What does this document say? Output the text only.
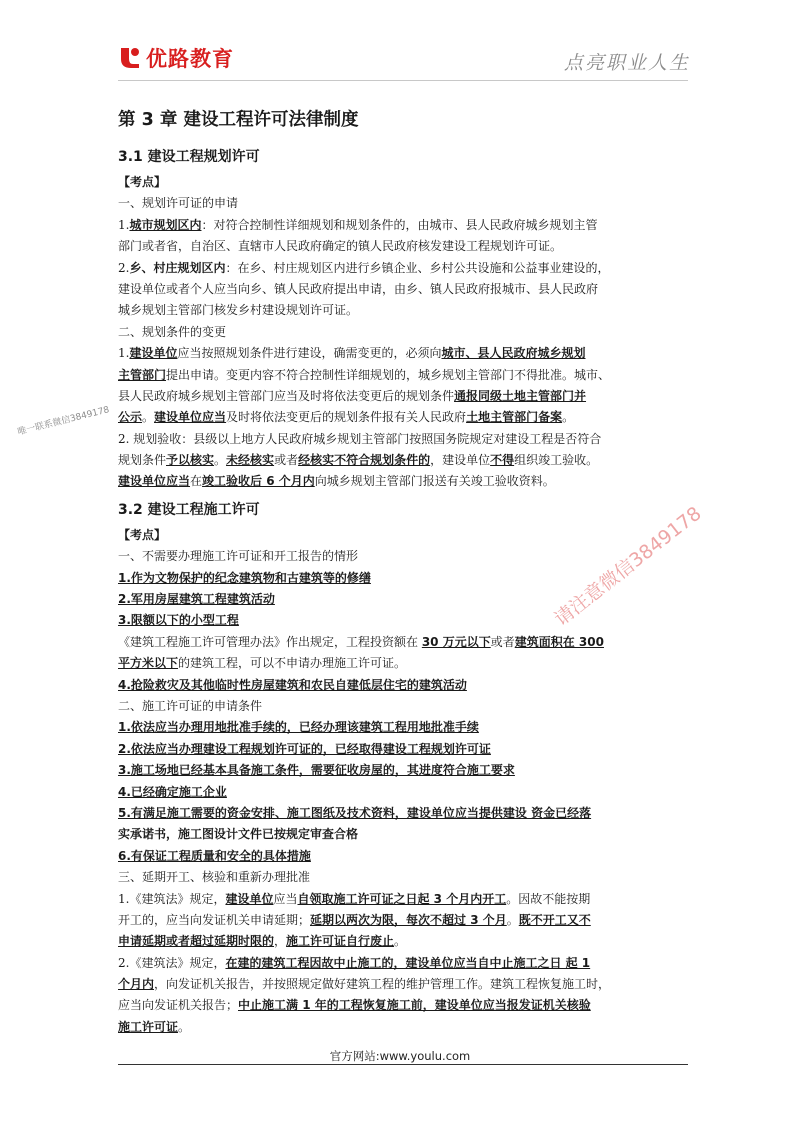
优路教育	点亮职业人生
第 3 章 建设工程许可法律制度
3.1 建设工程规划许可
【考点】
一、规划许可证的申请
1.城市规划区内：对符合控制性详细规划和规划条件的，由城市、县人民政府城乡规划主管
部门或者省，自治区、直辖市人民政府确定的镇人民政府核发建设工程规划许可证。
2.乡、村庄规划区内：在乡、村庄规划区内进行乡镇企业、乡村公共设施和公益事业建设的，
建设单位或者个人应当向乡、镇人民政府提出申请，由乡、镇人民政府报城市、县人民政府
城乡规划主管部门核发乡村建设规划许可证。
二、规划条件的变更
1.建设单位应当按照规划条件进行建设，确需变更的，必须向城市、县人民政府城乡规划
主管部门提出申请。变更内容不符合控制性详细规划的，城乡规划主管部门不得批准。城市、
县人民政府城乡规划主管部门应当及时将依法变更后的规划条件通报同级土地主管部门并
公示。建设单位应当及时将依法变更后的规划条件报有关人民政府土地主管部门备案。
2. 规划验收：县级以上地方人民政府城乡规划主管部门按照国务院规定对建设工程是否符合
规划条件予以核实。未经核实或者经核实不符合规划条件的，建设单位不得组织竣工验收。
建设单位应当在竣工验收后 6 个月内向城乡规划主管部门报送有关竣工验收资料。
3.2 建设工程施工许可
【考点】
一、不需要办理施工许可证和开工报告的情形
1.作为文物保护的纪念建筑物和古建筑等的修缮
2.军用房屋建筑工程建筑活动
3.限额以下的小型工程
《建筑工程施工许可管理办法》作出规定，工程投资额在 30 万元以下或者建筑面积在 300
平方米以下的建筑工程，可以不申请办理施工许可证。
4.抢险救灾及其他临时性房屋建筑和农民自建低层住宅的建筑活动
二、施工许可证的申请条件
1.依法应当办理用地批准手续的，已经办理该建筑工程用地批准手续
2.依法应当办理建设工程规划许可证的，已经取得建设工程规划许可证
3.施工场地已经基本具备施工条件，需要征收房屋的，其进度符合施工要求
4.已经确定施工企业
5.有满足施工需要的资金安排、施工图纸及技术资料，建设单位应当提供建设 资金已经落
实承诺书，施工图设计文件已按规定审查合格
6.有保证工程质量和安全的具体措施
三、延期开工、核验和重新办理批准
1.《建筑法》规定，建设单位应当自领取施工许可证之日起 3 个月内开工。因故不能按期
开工的，应当向发证机关申请延期；延期以两次为限，每次不超过 3 个月。既不开工又不
申请延期或者超过延期时限的，施工许可证自行废止。
2.《建筑法》规定，在建的建筑工程因故中止施工的，建设单位应当自中止施工之日 起 1
个月内，向发证机关报告，并按照规定做好建筑工程的维护管理工作。建筑工程恢复施工时，
应当向发证机关报告；中止施工满 1 年的工程恢复施工前，建设单位应当报发证机关核验
施工许可证。
官方网站:www.youlu.com
请注意微信3849178
唯一联系微信3849178
